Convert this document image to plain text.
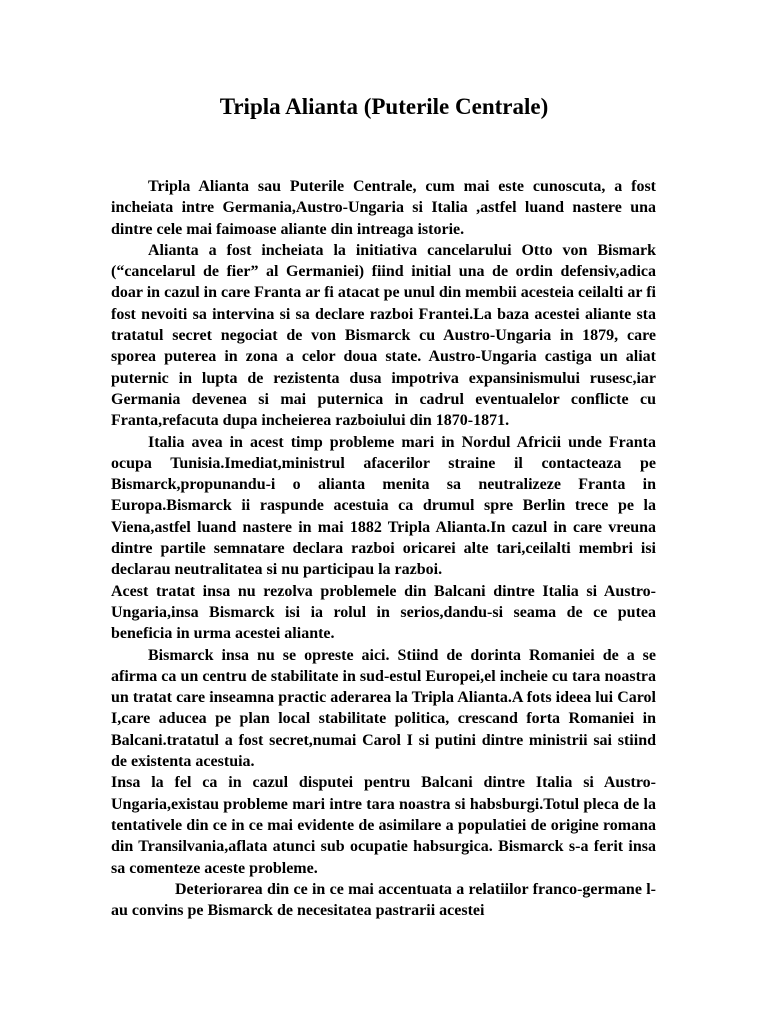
Tripla Alianta (Puterile Centrale)

Tripla Alianta sau Puterile Centrale, cum mai este cunoscuta, a fost incheiata intre Germania,Austro-Ungaria si Italia ,astfel luand nastere una dintre cele mai faimoase aliante din intreaga istorie.

Alianta a fost incheiata la initiativa cancelarului Otto von Bismark (“cancelarul de fier” al Germaniei) fiind initial una de ordin defensiv,adica doar in cazul in care Franta ar fi atacat pe unul din membii acesteia ceilalti ar fi fost nevoiti sa intervina si sa declare razboi Frantei.La baza acestei aliante sta tratatul secret negociat de von Bismarck cu Austro-Ungaria in 1879, care sporea puterea in zona a celor doua state. Austro-Ungaria castiga un aliat puternic in lupta de rezistenta dusa impotriva expansinismului rusesc,iar Germania devenea si mai puternica in cadrul eventualelor conflicte cu Franta,refacuta dupa incheierea razboiului din 1870-1871.

Italia avea in acest timp probleme mari in Nordul Africii unde Franta ocupa Tunisia.Imediat,ministrul afacerilor straine il contacteaza pe Bismarck,propunandu-i o alianta menita sa neutralizeze Franta in Europa.Bismarck ii raspunde acestuia ca drumul spre Berlin trece pe la Viena,astfel luand nastere in mai 1882 Tripla Alianta.In cazul in care vreuna dintre partile semnatare declara razboi oricarei alte tari,ceilalti membri isi declarau neutralitatea si nu participau la razboi.

Acest tratat insa nu rezolva problemele din Balcani dintre Italia si Austro-Ungaria,insa Bismarck isi ia rolul in serios,dandu-si seama de ce putea beneficia in urma acestei aliante.

Bismarck insa nu se opreste aici. Stiind de dorinta Romaniei de a se afirma ca un centru de stabilitate in sud-estul Europei,el incheie cu tara noastra un tratat care inseamna practic aderarea la Tripla Alianta.A fots ideea lui Carol I,care aducea pe plan local stabilitate politica, crescand forta Romaniei in Balcani.tratatul a fost secret,numai Carol I si putini dintre ministrii sai stiind de existenta acestuia.

Insa la fel ca in cazul disputei pentru Balcani dintre Italia si Austro-Ungaria,existau probleme mari intre tara noastra si habsburgi.Totul pleca de la tentativele din ce in ce mai evidente de asimilare a populatiei de origine romana din Transilvania,aflata atunci sub ocupatie habsurgica. Bismarck s-a ferit insa sa comenteze aceste probleme.

Deteriorarea din ce in ce mai accentuata a relatiilor franco-germane l-au convins pe Bismarck de necesitatea pastrarii acestei
